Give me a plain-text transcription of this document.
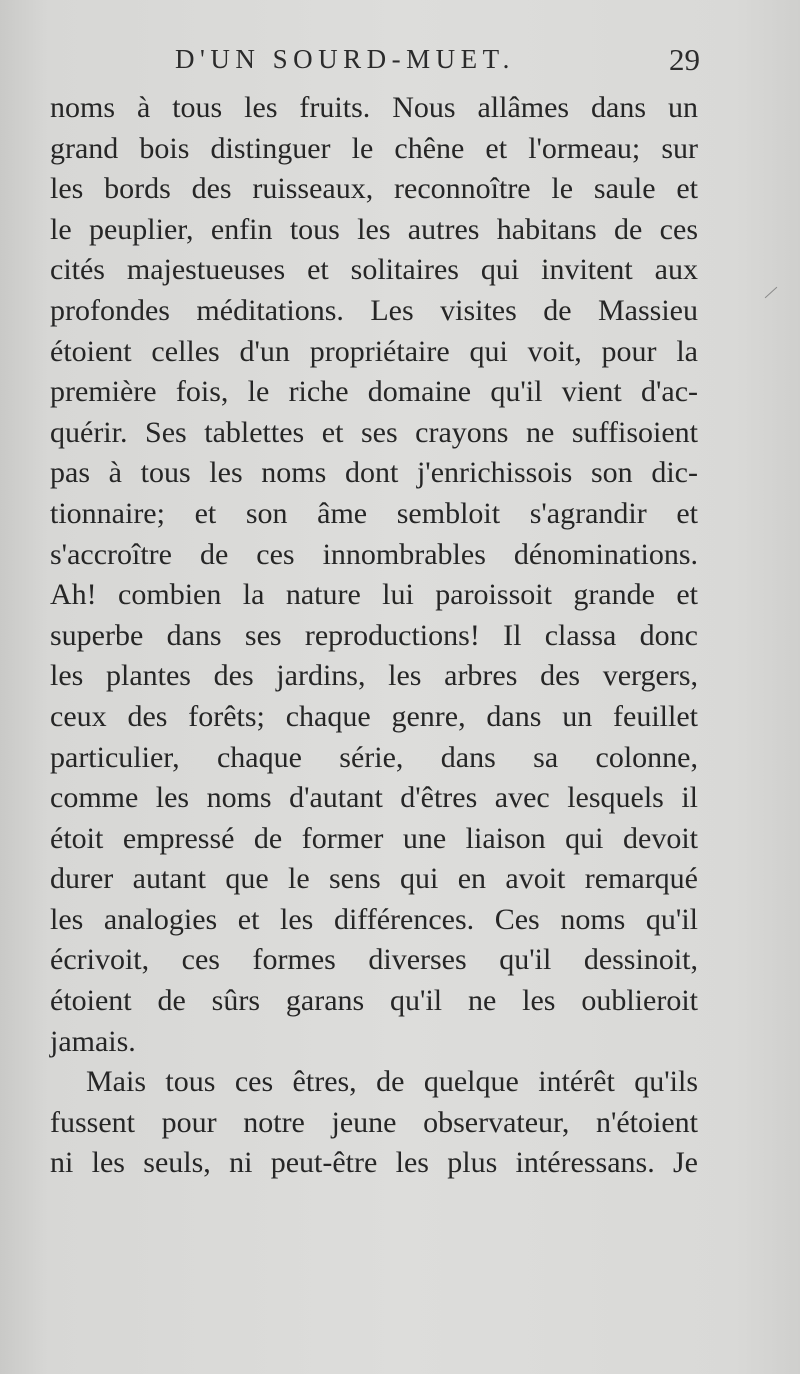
D'UN SOURD-MUET.	29
noms à tous les fruits. Nous allâmes dans un
grand bois distinguer le chêne et l'ormeau; sur
les bords des ruisseaux, reconnoître le saule et
le peuplier, enfin tous les autres habitans de ces
cités majestueuses et solitaires qui invitent aux
profondes méditations. Les visites de Massieu
étoient celles d'un propriétaire qui voit, pour la
première fois, le riche domaine qu'il vient d'ac-
quérir. Ses tablettes et ses crayons ne suffisoient
pas à tous les noms dont j'enrichissois son dic-
tionnaire; et son âme sembloit s'agrandir et
s'accroître de ces innombrables dénominations.
Ah! combien la nature lui paroissoit grande et
superbe dans ses reproductions! Il classa donc
les plantes des jardins, les arbres des vergers,
ceux des forêts; chaque genre, dans un feuillet
particulier, chaque série, dans sa colonne,
comme les noms d'autant d'êtres avec lesquels il
étoit empressé de former une liaison qui devoit
durer autant que le sens qui en avoit remarqué
les analogies et les différences. Ces noms qu'il
écrivoit, ces formes diverses qu'il dessinoit,
étoient de sûrs garans qu'il ne les oublieroit
jamais.
Mais tous ces êtres, de quelque intérêt qu'ils
fussent pour notre jeune observateur, n'étoient
ni les seuls, ni peut-être les plus intéressans. Je
